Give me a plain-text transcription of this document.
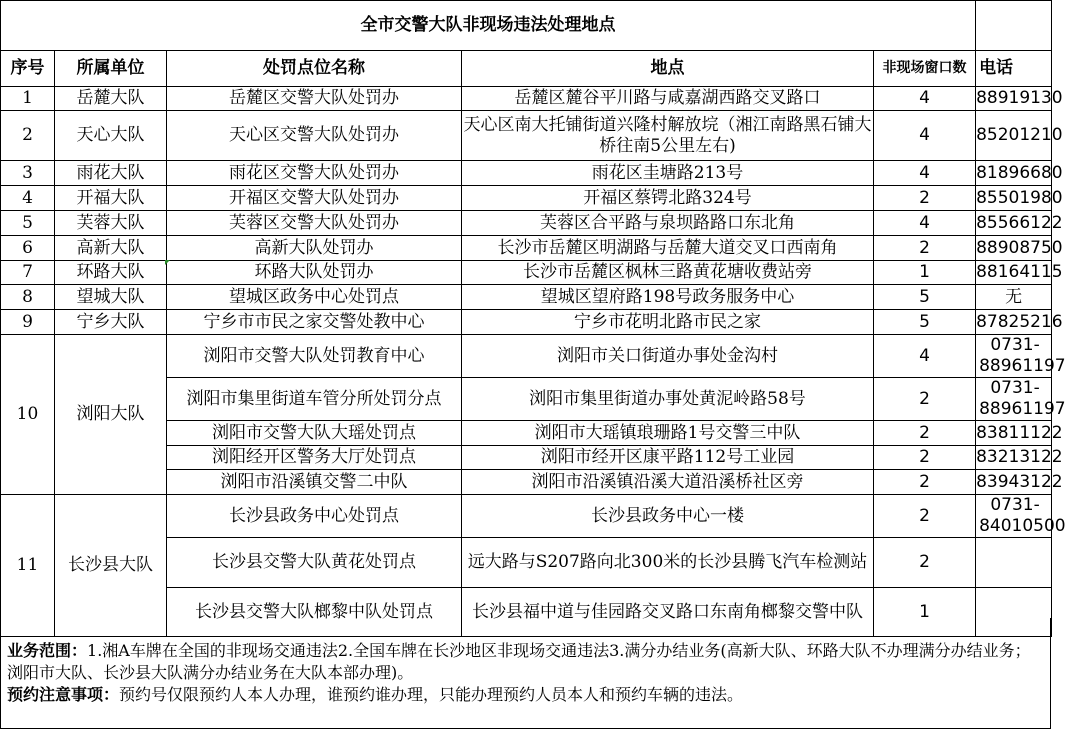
全市交警大队非现场违法处理地点					
序号	所属单位	处罚点位名称	地点	非现场窗口数	电话
1	岳麓大队	岳麓区交警大队处罚办	岳麓区麓谷平川路与咸嘉湖西路交叉路口	4	88919130
2	天心大队	天心区交警大队处罚办	天心区南大托铺街道兴隆村解放垸（湘江南路黑石铺大桥往南5公里左右)	4	85201210
3	雨花大队	雨花区交警大队处罚办	雨花区圭塘路213号	4	81896680
4	开福大队	开福区交警大队处罚办	开福区蔡锷北路324号	2	85501980
5	芙蓉大队	芙蓉区交警大队处罚办	芙蓉区合平路与泉坝路路口东北角	4	85566122
6	高新大队	高新大队处罚办	长沙市岳麓区明湖路与岳麓大道交叉口西南角	2	88908750
7	环路大队	环路大队处罚办	长沙市岳麓区枫林三路黄花塘收费站旁	1	88164115
8	望城大队	望城区政务中心处罚点	望城区望府路198号政务服务中心	5	无
9	宁乡大队	宁乡市市民之家交警处教中心	宁乡市花明北路市民之家	5	87825216
10	浏阳大队	浏阳市交警大队处罚教育中心	浏阳市关口街道办事处金沟村	4	0731-88961197
		浏阳市集里街道车管分所处罚分点	浏阳市集里街道办事处黄泥岭路58号	2	0731-88961197
		浏阳市交警大队大瑶处罚点	浏阳市大瑶镇琅珊路1号交警三中队	2	83811122
		浏阳经开区警务大厅处罚点	浏阳市经开区康平路112号工业园	2	83213122
		浏阳市沿溪镇交警二中队	浏阳市沿溪镇沿溪大道沿溪桥社区旁	2	83943122
11	长沙县大队	长沙县政务中心处罚点	长沙县政务中心一楼	2	0731-84010500
		长沙县交警大队黄花处罚点	远大路与S207路向北300米的长沙县腾飞汽车检测站	2	
		长沙县交警大队榔黎中队处罚点	长沙县福中道与佳园路交叉路口东南角榔黎交警中队	1	

业务范围：1.湘A车牌在全国的非现场交通违法2.全国车牌在长沙地区非现场交通违法3.满分办结业务(高新大队、环路大队不办理满分办结业务；浏阳市大队、长沙县大队满分办结业务在大队本部办理)。

预约注意事项：预约号仅限预约人本人办理，谁预约谁办理，只能办理预约人员本人和预约车辆的违法。
